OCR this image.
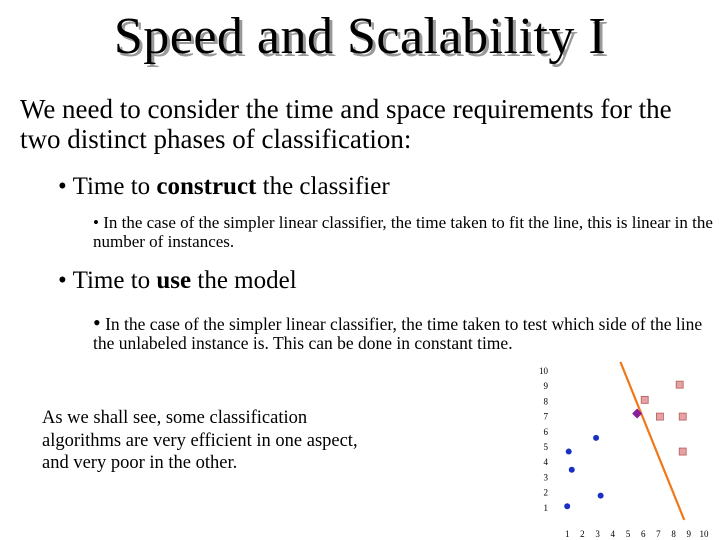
Speed and Scalability I
We need to consider the time and space requirements for the two distinct phases of classification:
• Time to construct the classifier
• In the case of the simpler linear classifier, the time taken to fit the line, this is linear in the number of instances.
• Time to use the model
• In the case of the simpler linear classifier, the time taken to test which side of the line the unlabeled instance is. This can be done in constant time.
As we shall see, some classification algorithms are very efficient in one aspect, and very poor in the other.
1
2
3
4
5
6
7
8
9
10
1 2 3 4 5 6 7 8 9 10
